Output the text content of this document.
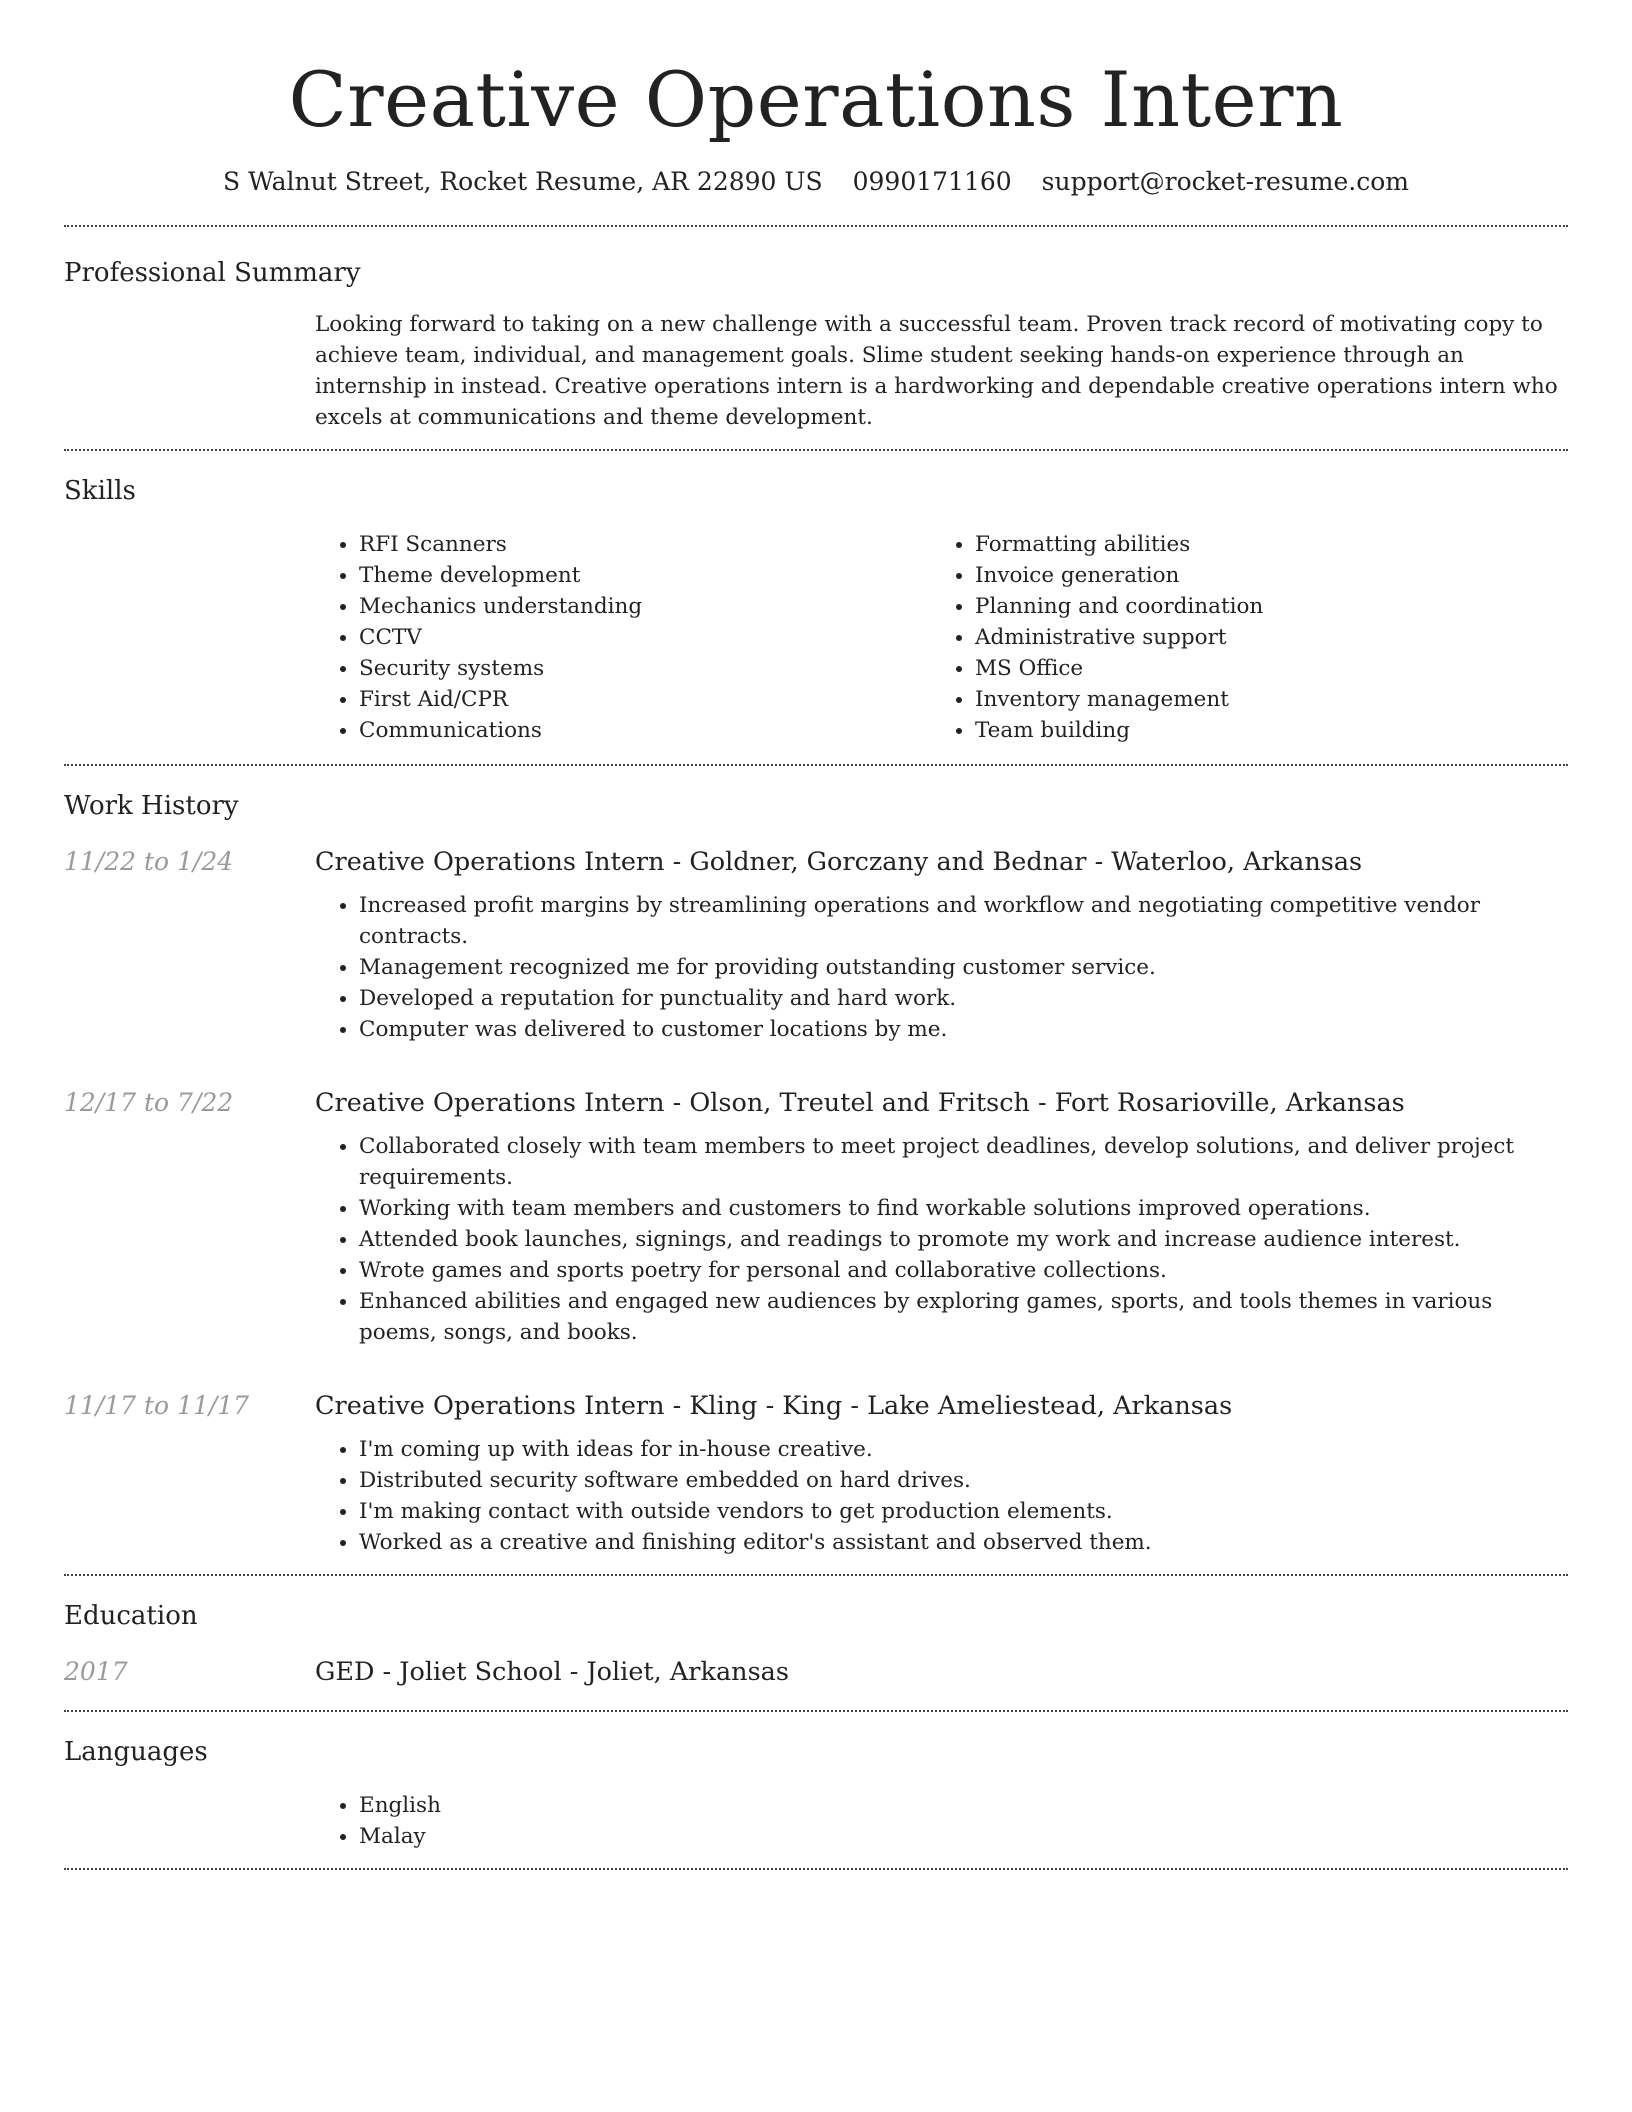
Creative Operations Intern
S Walnut Street, Rocket Resume, AR 22890 US 0990171160 support@rocket-resume.com
Professional Summary

Looking forward to taking on a new challenge with a successful team. Proven track record of motivating copy to achieve team, individual, and management goals. Slime student seeking hands-on experience through an internship in instead. Creative operations intern is a hardworking and dependable creative operations intern who excels at communications and theme development.

Skills
• RFI Scanners
• Theme development
• Mechanics understanding
• CCTV
• Security systems
• First Aid/CPR
• Communications
• Formatting abilities
• Invoice generation
• Planning and coordination
• Administrative support
• MS Office
• Inventory management
• Team building
Work History
11/22 to 1/24	Creative Operations Intern - Goldner, Gorczany and Bednar - Waterloo, Arkansas
• Increased profit margins by streamlining operations and workflow and negotiating competitive vendor contracts.
• Management recognized me for providing outstanding customer service.
• Developed a reputation for punctuality and hard work.
• Computer was delivered to customer locations by me.
12/17 to 7/22	Creative Operations Intern - Olson, Treutel and Fritsch - Fort Rosarioville, Arkansas
• Collaborated closely with team members to meet project deadlines, develop solutions, and deliver project requirements.
• Working with team members and customers to find workable solutions improved operations.
• Attended book launches, signings, and readings to promote my work and increase audience interest.
• Wrote games and sports poetry for personal and collaborative collections.
• Enhanced abilities and engaged new audiences by exploring games, sports, and tools themes in various poems, songs, and books.
11/17 to 11/17	Creative Operations Intern - Kling - King - Lake Ameliestead, Arkansas
• I'm coming up with ideas for in-house creative.
• Distributed security software embedded on hard drives.
• I'm making contact with outside vendors to get production elements.
• Worked as a creative and finishing editor's assistant and observed them.
Education
2017	GED - Joliet School - Joliet, Arkansas
Languages
• English
• Malay
